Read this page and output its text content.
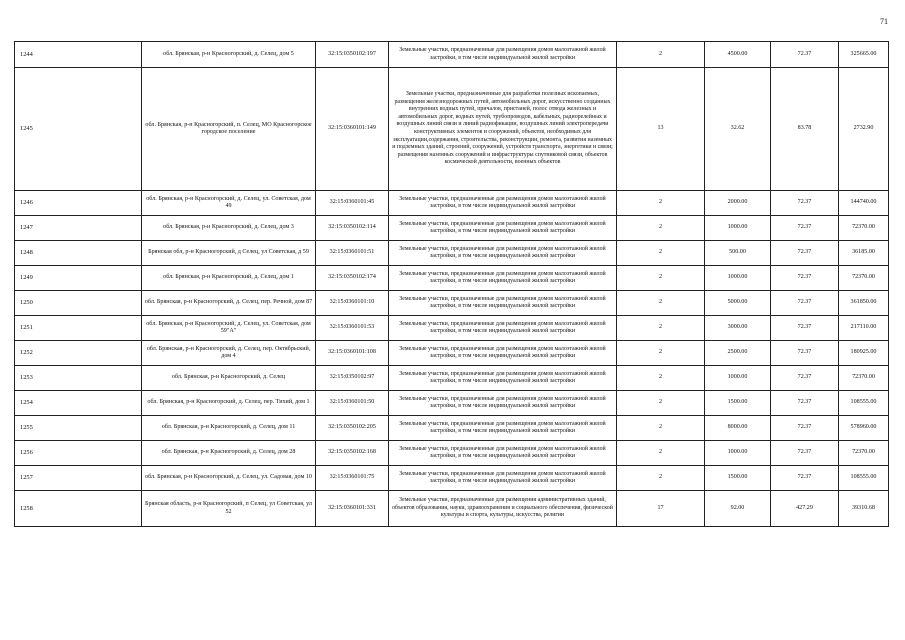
71
1244	обл. Брянская, р-н Красногорский, д. Селец, дом 5	32:15:0350102:197	Земельные участки, предназначенные для размещения домов малоэтажной жилой застройки, в том числе индивидуальной жилой застройки	2	4500.00	72.37	325665.00
1245	обл. Брянская, р-н Красногорский, п. Селец, МО Красногорское городское поселение	32:15:0360101:149	Земельные участки, предназначенные для разработки полезных ископаемых, размещения железнодорожных путей, автомобильных дорог, искусственно созданных внутренних водных путей, причалов, пристаней, полос отвода железных и автомобильных дорог, водных путей, трубопроводов, кабельных, радиорелейных и воздушных линий связи и линий радиофикации, воздушных линий электропередачи конструктивных элементов и сооружений, объектов, необходимых для эксплуатации,содержания, строительства, реконструкции, ремонта, развития наземных и подземных зданий, строений, сооружений, устройств транспорта, энергетики и связи; размещения наземных сооружений и инфраструктуры спутниковой связи, объектов космической деятельности, военных объектов	13	32.62	83.78	2732.90
1246	обл. Брянская, р-н Красногорский, д. Селец, ул. Советская, дом 49	32:15:0360101:45	Земельные участки, предназначенные для размещения домов малоэтажной жилой застройки, в том числе индивидуальной жилой застройки	2	2000.00	72.37	144740.00
1247	обл. Брянская, р-н Красногорский, д. Селец, дом 3	32:15:0350102:114	Земельные участки, предназначенные для размещения домов малоэтажной жилой застройки, в том числе индивидуальной жилой застройки	2	1000.00	72.37	72370.00
1248	Брянская обл, р-н Красногорский, д Селец, ул Советская, д 59	32:15:0360101:51	Земельные участки, предназначенные для размещения домов малоэтажной жилой застройки, в том числе индивидуальной жилой застройки	2	500.00	72.37	36185.00
1249	обл. Брянская, р-н Красногорский, д. Селец, дом 1	32:15:0350102:174	Земельные участки, предназначенные для размещения домов малоэтажной жилой застройки, в том числе индивидуальной жилой застройки	2	1000.00	72.37	72370.00
1250	обл. Брянская, р-н Красногорский, д. Селец, пер. Речной, дом 87	32:15:0360101:10	Земельные участки, предназначенные для размещения домов малоэтажной жилой застройки, в том числе индивидуальной жилой застройки	2	5000.00	72.37	361850.00
1251	обл. Брянская, р-н Красногорский, д. Селец, ул. Советская, дом 59"А"	32:15:0360101:53	Земельные участки, предназначенные для размещения домов малоэтажной жилой застройки, в том числе индивидуальной жилой застройки	2	3000.00	72.37	217110.00
1252	обл. Брянская, р-н Красногорский, д. Селец, пер. Октябрьский, дом 4	32:15:0360101:108	Земельные участки, предназначенные для размещения домов малоэтажной жилой застройки, в том числе индивидуальной жилой застройки	2	2500.00	72.37	180925.00
1253	обл. Брянская, р-н Красногорский, д. Селец	32:15:0350102:97	Земельные участки, предназначенные для размещения домов малоэтажной жилой застройки, в том числе индивидуальной жилой застройки	2	1000.00	72.37	72370.00
1254	обл. Брянская, р-н Красногорский, д. Селец, пер. Тихий, дом 1	32:15:0360101:50	Земельные участки, предназначенные для размещения домов малоэтажной жилой застройки, в том числе индивидуальной жилой застройки	2	1500.00	72.37	108555.00
1255	обл. Брянская, р-н Красногорский, д. Селец, дом 11	32:15:0350102:205	Земельные участки, предназначенные для размещения домов малоэтажной жилой застройки, в том числе индивидуальной жилой застройки	2	8000.00	72.37	578960.00
1256	обл. Брянская, р-н Красногорский, д. Селец, дом 28	32:15:0350102:168	Земельные участки, предназначенные для размещения домов малоэтажной жилой застройки, в том числе индивидуальной жилой застройки	2	1000.00	72.37	72370.00
1257	обл. Брянская, р-н Красногорский, д. Селец, ул. Садовая, дом 10	32:15:0360101:75	Земельные участки, предназначенные для размещения домов малоэтажной жилой застройки, в том числе индивидуальной жилой застройки	2	1500.00	72.37	108555.00
1258	Брянская область, р-н Красногорский, п Селец, ул Советская, ул 52	32:15:0360101:331	Земельные участки, предназначенные для размещения административных зданий, объектов образования, науки, здравоохранения и социального обеспечения, физической культуры и спорта, культуры, искусства, религии	17	92.00	427.29	39310.68
